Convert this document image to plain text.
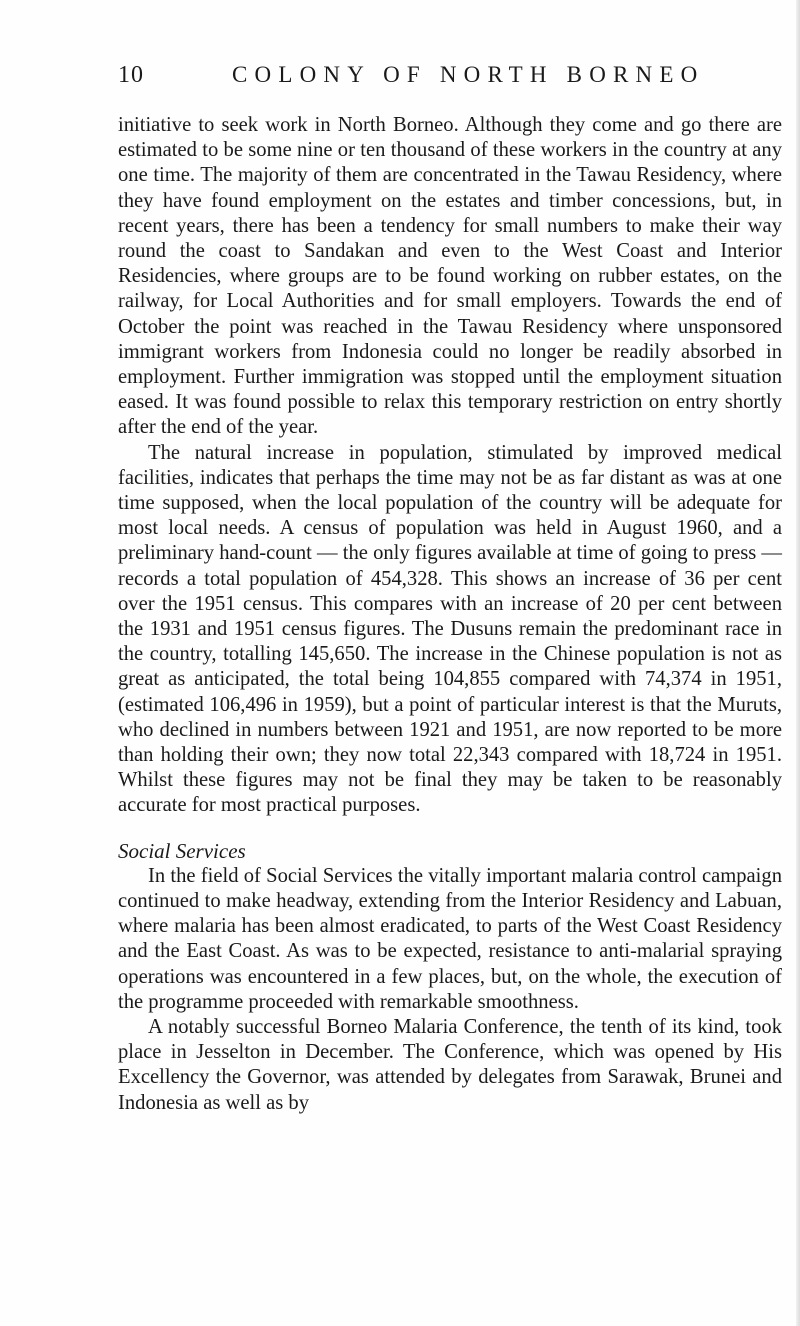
10	COLONY OF NORTH BORNEO

initiative to seek work in North Borneo. Although they come and go there are estimated to be some nine or ten thousand of these workers in the country at any one time. The majority of them are concentrated in the Tawau Residency, where they have found employment on the estates and timber concessions, but, in recent years, there has been a tendency for small numbers to make their way round the coast to Sandakan and even to the West Coast and Interior Residencies, where groups are to be found working on rubber estates, on the railway, for Local Authorities and for small employers. Towards the end of October the point was reached in the Tawau Residency where unsponsored immigrant workers from Indonesia could no longer be readily absorbed in employment. Further immigration was stopped until the employment situation eased. It was found possible to relax this temporary restriction on entry shortly after the end of the year.

The natural increase in population, stimulated by improved medical facilities, indicates that perhaps the time may not be as far distant as was at one time supposed, when the local population of the country will be adequate for most local needs. A census of population was held in August 1960, and a preliminary hand-count — the only figures available at time of going to press — records a total population of 454,328. This shows an increase of 36 per cent over the 1951 census. This compares with an increase of 20 per cent between the 1931 and 1951 census figures. The Dusuns remain the predominant race in the country, totalling 145,650. The increase in the Chinese population is not as great as anticipated, the total being 104,855 compared with 74,374 in 1951, (estimated 106,496 in 1959), but a point of particular interest is that the Muruts, who declined in numbers between 1921 and 1951, are now reported to be more than holding their own; they now total 22,343 compared with 18,724 in 1951. Whilst these figures may not be final they may be taken to be reasonably accurate for most practical purposes.

Social Services

In the field of Social Services the vitally important malaria control campaign continued to make headway, extending from the Interior Residency and Labuan, where malaria has been almost eradicated, to parts of the West Coast Residency and the East Coast. As was to be expected, resistance to anti-malarial spraying operations was encountered in a few places, but, on the whole, the execution of the programme proceeded with remarkable smoothness.

A notably successful Borneo Malaria Conference, the tenth of its kind, took place in Jesselton in December. The Conference, which was opened by His Excellency the Governor, was attended by delegates from Sarawak, Brunei and Indonesia as well as by
